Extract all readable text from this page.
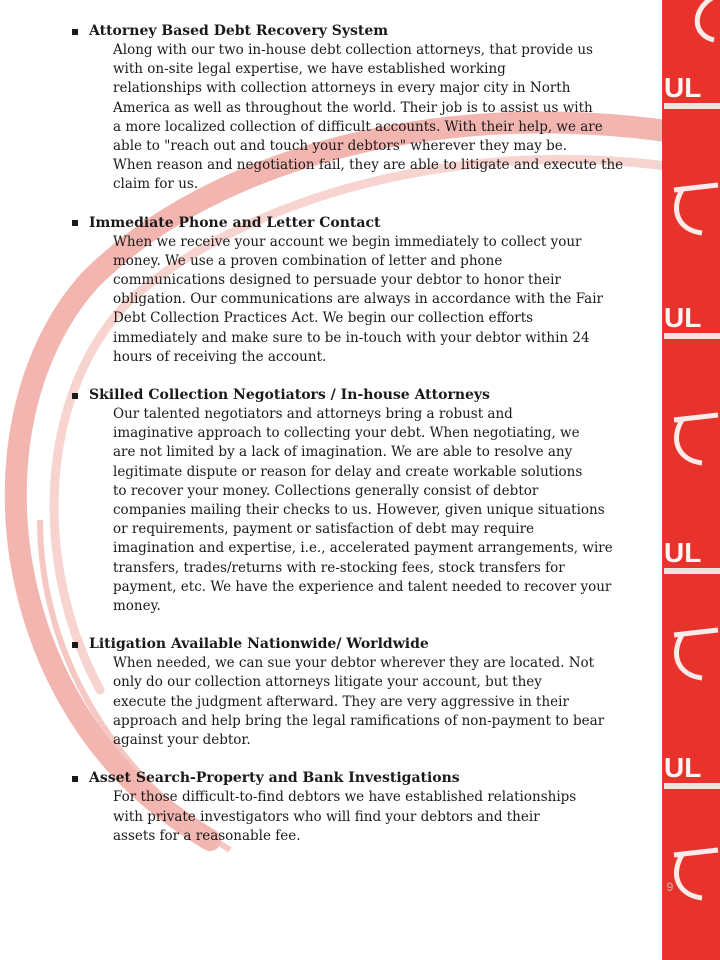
UL
UL
UL
UL
Attorney Based Debt Recovery System
Along with our two in-house debt collection attorneys, that provide us
with on-site legal expertise, we have established working
relationships with collection attorneys in every major city in North
America as well as throughout the world. Their job is to assist us with
a more localized collection of difficult accounts. With their help, we are
able to "reach out and touch your debtors" wherever they may be.
When reason and negotiation fail, they are able to litigate and execute the
claim for us.
Immediate Phone and Letter Contact
When we receive your account we begin immediately to collect your
money. We use a proven combination of letter and phone
communications designed to persuade your debtor to honor their
obligation. Our communications are always in accordance with the Fair
Debt Collection Practices Act. We begin our collection efforts
immediately and make sure to be in-touch with your debtor within 24
hours of receiving the account.
Skilled Collection Negotiators / In-house Attorneys
Our talented negotiators and attorneys bring a robust and
imaginative approach to collecting your debt. When negotiating, we
are not limited by a lack of imagination. We are able to resolve any
legitimate dispute or reason for delay and create workable solutions
to recover your money. Collections generally consist of debtor
companies mailing their checks to us. However, given unique situations
or requirements, payment or satisfaction of debt may require
imagination and expertise, i.e., accelerated payment arrangements, wire
transfers, trades/returns with re-stocking fees, stock transfers for
payment, etc. We have the experience and talent needed to recover your
money.
Litigation Available Nationwide/ Worldwide
When needed, we can sue your debtor wherever they are located. Not
only do our collection attorneys litigate your account, but they
execute the judgment afterward. They are very aggressive in their
approach and help bring the legal ramifications of non-payment to bear
against your debtor.
Asset Search-Property and Bank Investigations
For those difficult-to-find debtors we have established relationships
with private investigators who will find your debtors and their
assets for a reasonable fee.
9
